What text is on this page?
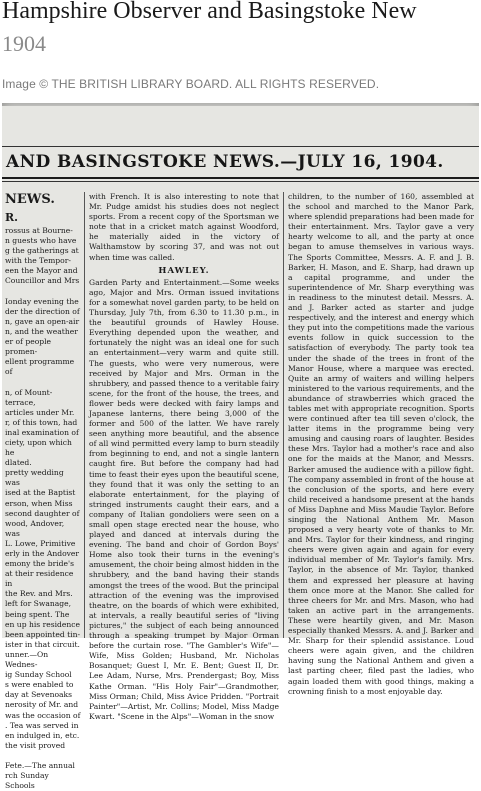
Hampshire Observer and Basingstoke New
1904
Image © THE BRITISH LIBRARY BOARD. ALL RIGHTS RESERVED.
AND BASINGSTOKE NEWS.—JULY 16, 1904.

NEWS.

R.

rossus at Bourne-
n guests who have
g the gatherings at
with the Tempor-
een the Mayor and
Councillor and Mrs

Ionday evening the
der the direction of
n, gave an open-air
n, and the weather
er of people promen-
ellent programme of

n, of Mount-terrace,
articles under Mr.
r, of this town, had
inal examination of
ciety, upon which he
dlated.
pretty wedding was
ised at the Baptist
erson, when Miss
second daughter of
wood, Andover, was
L. Lowe, Primitive
erly in the Andover
emony the bride's
at their residence in
the Rev. and Mrs.
left for Swanage,
being spent. The
en up his residence
been appointed tin-
ister in that circuit.
unner.—On Wednes-
ig Sunday School
s were enabled to
day at Sevenoaks
nerosity of Mr. and
was the occasion of
. Tea was served in
en indulged in, etc.
the visit proved

Fete.—The annual
rch Sunday Schools

with French. It is also interesting to note that Mr. Pudge amidst his studies does not neglect sports. From a recent copy of the Sportsman we note that in a cricket match against Woodford, he materially aided in the victory of Walthamstow by scoring 37, and was not out when time was called.

HAWLEY.

Garden Party and Entertainment.—Some weeks ago, Major and Mrs. Orman issued invitations for a somewhat novel garden party, to be held on Thursday, July 7th, from 6.30 to 11.30 p.m., in the beautiful grounds of Hawley House. Everything depended upon the weather, and fortunately the night was an ideal one for such an entertainment—very warm and quite still. The guests, who were very numerous, were received by Major and Mrs. Orman in the shrubbery, and passed thence to a veritable fairy scene, for the front of the house, the trees, and flower beds were decked with fairy lamps and Japanese lanterns, there being 3,000 of the former and 500 of the latter. We have rarely seen anything more beautiful, and the absence of all wind permitted every lamp to burn steadily from beginning to end, and not a single lantern caught fire. But before the company had had time to feast their eyes upon the beautiful scene, they found that it was only the setting to an elaborate entertainment, for the playing of stringed instruments caught their ears, and a company of Italian gondoliers were seen on a small open stage erected near the house, who played and danced at intervals during the evening. The band and choir of Gordon Boys' Home also took their turns in the evening's amusement, the choir being almost hidden in the shrubbery, and the band having their stands amongst the trees of the wood. But the principal attraction of the evening was the improvised theatre, on the boards of which were exhibited, at intervals, a really beautiful series of "living pictures," the subject of each being announced through a speaking trumpet by Major Orman before the curtain rose. "The Gambler's Wife"—Wife, Miss Golden; Husband, Mr. Nicholas Bosanquet; Guest I, Mr. E. Bent; Guest II, Dr. Lee Adam, Nurse, Mrs. Prendergast; Boy, Miss Kathe Orman. "His Holy Fair"—Grandmother, Miss Orman; Child, Miss Avice Pridden. "Portrait Painter"—Artist, Mr. Collins; Model, Miss Madge Kwart. "Scene in the Alps"—Woman in the snow

children, to the number of 160, assembled at the school and marched to the Manor Park, where splendid preparations had been made for their entertainment. Mrs. Taylor gave a very hearty welcome to all, and the party at once began to amuse themselves in various ways. The Sports Committee, Messrs. A. F. and J. B. Barker, H. Mason, and E. Sharp, had drawn up a capital programme, and under the superintendence of Mr. Sharp everything was in readiness to the minutest detail. Messrs. A. and J. Barker acted as starter and judge respectively, and the interest and energy which they put into the competitions made the various events follow in quick succession to the satisfaction of everybody. The party took tea under the shade of the trees in front of the Manor House, where a marquee was erected. Quite an army of waiters and willing helpers ministered to the various requirements, and the abundance of strawberries which graced the tables met with appropriate recognition. Sports were continued after tea till seven o'clock, the latter items in the programme being very amusing and causing roars of laughter. Besides these Mrs. Taylor had a mother's race and also one for the maids at the Manor, and Messrs. Barker amused the audience with a pillow fight. The company assembled in front of the house at the conclusion of the sports, and here every child received a handsome present at the hands of Miss Daphne and Miss Maudie Taylor. Before singing the National Anthem Mr. Mason proposed a very hearty vote of thanks to Mr. and Mrs. Taylor for their kindness, and ringing cheers were given again and again for every individual member of Mr. Taylor's family. Mrs. Taylor, in the absence of Mr. Taylor, thanked them and expressed her pleasure at having them once more at the Manor. She called for three cheers for Mr. and Mrs. Mason, who had taken an active part in the arrangements. These were heartily given, and Mr. Mason especially thanked Messrs. A. and J. Barker and Mr. Sharp for their splendid assistance. Loud cheers were again given, and the children having sung the National Anthem and given a last parting cheer, filed past the ladies, who again loaded them with good things, making a crowning finish to a most enjoyable day.
